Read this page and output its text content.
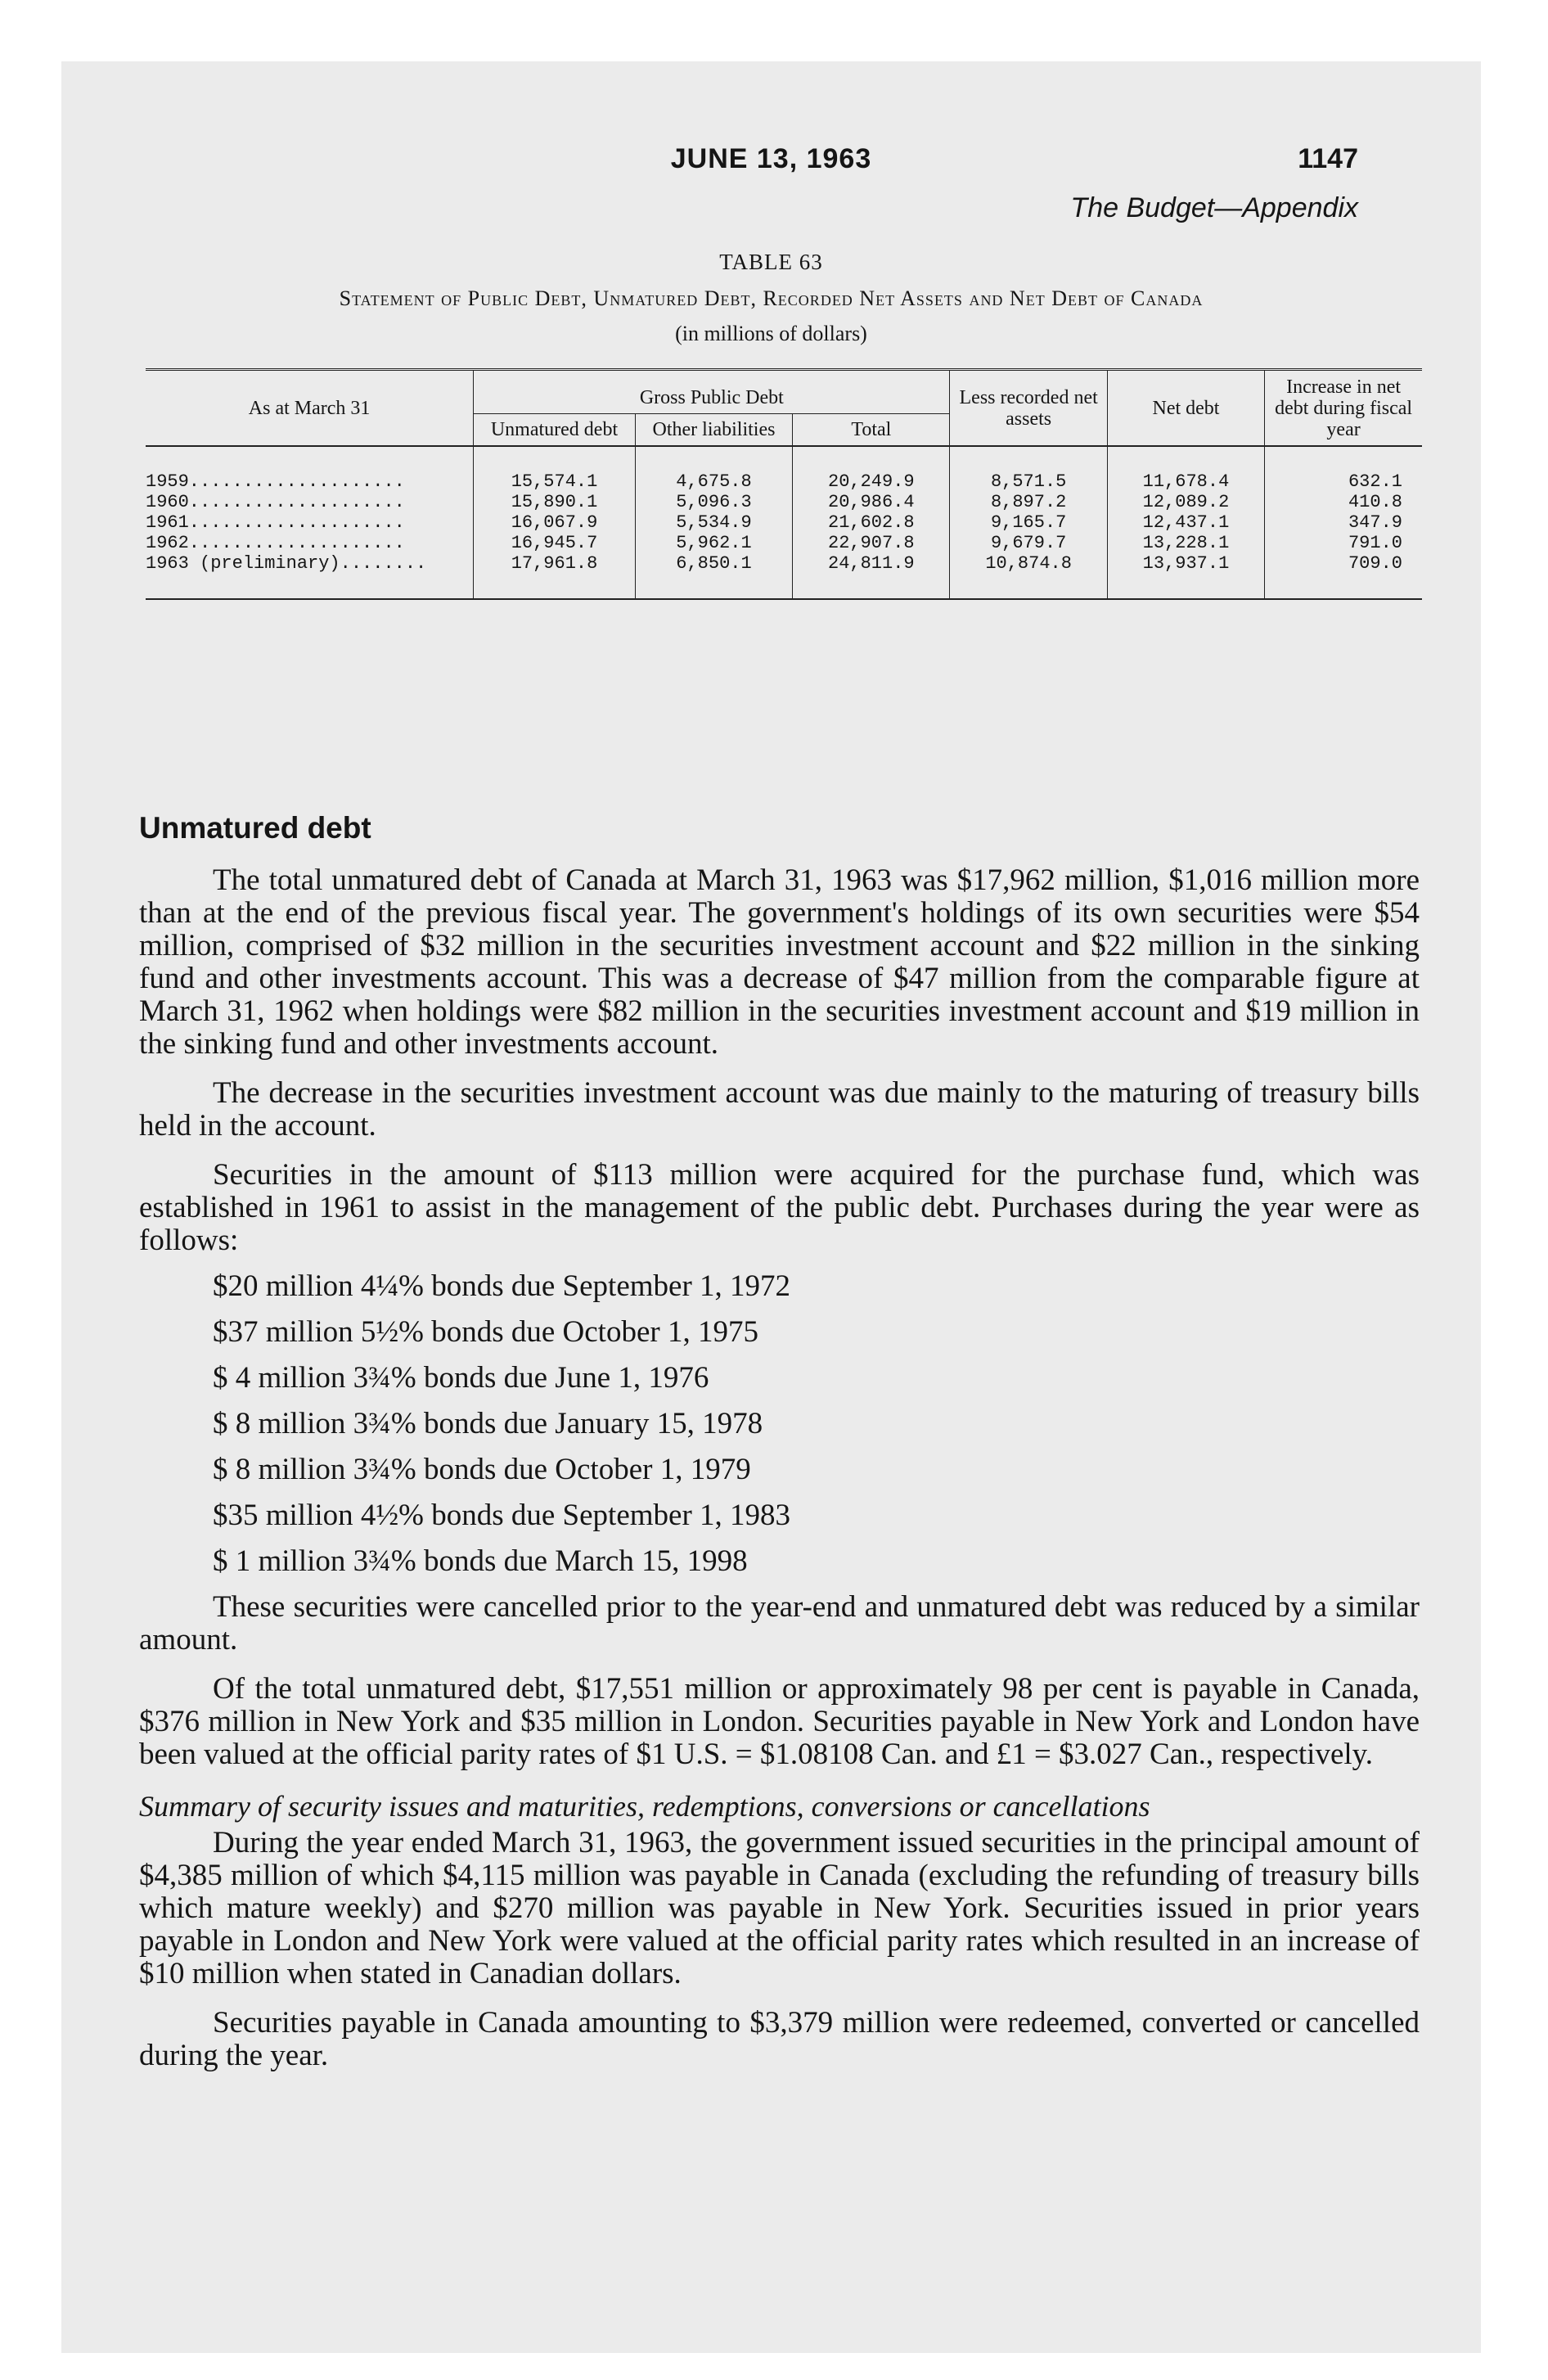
JUNE 13, 1963	1147
The Budget—Appendix
TABLE 63
Statement of Public Debt, Unmatured Debt, Recorded Net Assets and Net Debt of Canada
(in millions of dollars)
As at March 31	Gross Public Debt			Less recorded net assets	Net debt	Increase in net debt during fiscal year
	Unmatured debt	Other liabilities	Total			
1959....................	15,574.1	4,675.8	20,249.9	8,571.5	11,678.4	632.1
1960....................	15,890.1	5,096.3	20,986.4	8,897.2	12,089.2	410.8
1961....................	16,067.9	5,534.9	21,602.8	9,165.7	12,437.1	347.9
1962....................	16,945.7	5,962.1	22,907.8	9,679.7	13,228.1	791.0
1963 (preliminary)........	17,961.8	6,850.1	24,811.9	10,874.8	13,937.1	709.0
Unmatured debt

The total unmatured debt of Canada at March 31, 1963 was $17,962 million, $1,016 million more than at the end of the previous fiscal year. The government's holdings of its own securities were $54 million, comprised of $32 million in the securities investment account and $22 million in the sinking fund and other investments account. This was a decrease of $47 million from the comparable figure at March 31, 1962 when holdings were $82 million in the securities investment account and $19 million in the sinking fund and other investments account.

The decrease in the securities investment account was due mainly to the maturing of treasury bills held in the account.

Securities in the amount of $113 million were acquired for the purchase fund, which was established in 1961 to assist in the management of the public debt. Purchases during the year were as follows:

$20 million 4¼% bonds due September 1, 1972
$37 million 5½% bonds due October 1, 1975
$ 4 million 3¾% bonds due June 1, 1976
$ 8 million 3¾% bonds due January 15, 1978
$ 8 million 3¾% bonds due October 1, 1979
$35 million 4½% bonds due September 1, 1983
$ 1 million 3¾% bonds due March 15, 1998

These securities were cancelled prior to the year-end and unmatured debt was reduced by a similar amount.

Of the total unmatured debt, $17,551 million or approximately 98 per cent is payable in Canada, $376 million in New York and $35 million in London. Securities payable in New York and London have been valued at the official parity rates of $1 U.S. = $1.08108 Can. and £1 = $3.027 Can., respectively.

Summary of security issues and maturities, redemptions, conversions or cancellations

During the year ended March 31, 1963, the government issued securities in the principal amount of $4,385 million of which $4,115 million was payable in Canada (excluding the refunding of treasury bills which mature weekly) and $270 million was payable in New York. Securities issued in prior years payable in London and New York were valued at the official parity rates which resulted in an increase of $10 million when stated in Canadian dollars.

Securities payable in Canada amounting to $3,379 million were redeemed, converted or cancelled during the year.
